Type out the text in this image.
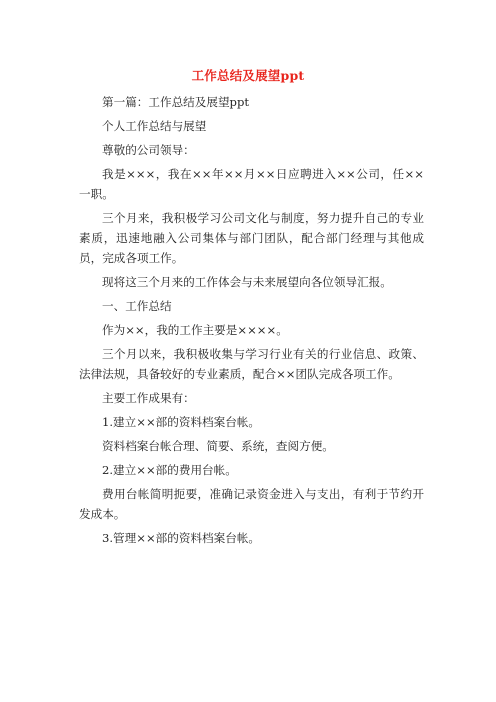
工作总结及展望ppt

第一篇：工作总结及展望ppt

个人工作总结与展望

尊敬的公司领导：

我是×××，我在××年××月××日应聘进入××公司，任××一职。

三个月来，我积极学习公司文化与制度，努力提升自己的专业素质，迅速地融入公司集体与部门团队，配合部门经理与其他成员，完成各项工作。

现将这三个月来的工作体会与未来展望向各位领导汇报。

一、工作总结

作为××，我的工作主要是××××。

三个月以来，我积极收集与学习行业有关的行业信息、政策、法律法规，具备较好的专业素质，配合××团队完成各项工作。

主要工作成果有：

1.建立××部的资料档案台帐。

资料档案台帐合理、简要、系统，查阅方便。

2.建立××部的费用台帐。

费用台帐简明扼要，准确记录资金进入与支出，有利于节约开发成本。

3.管理××部的资料档案台帐。
